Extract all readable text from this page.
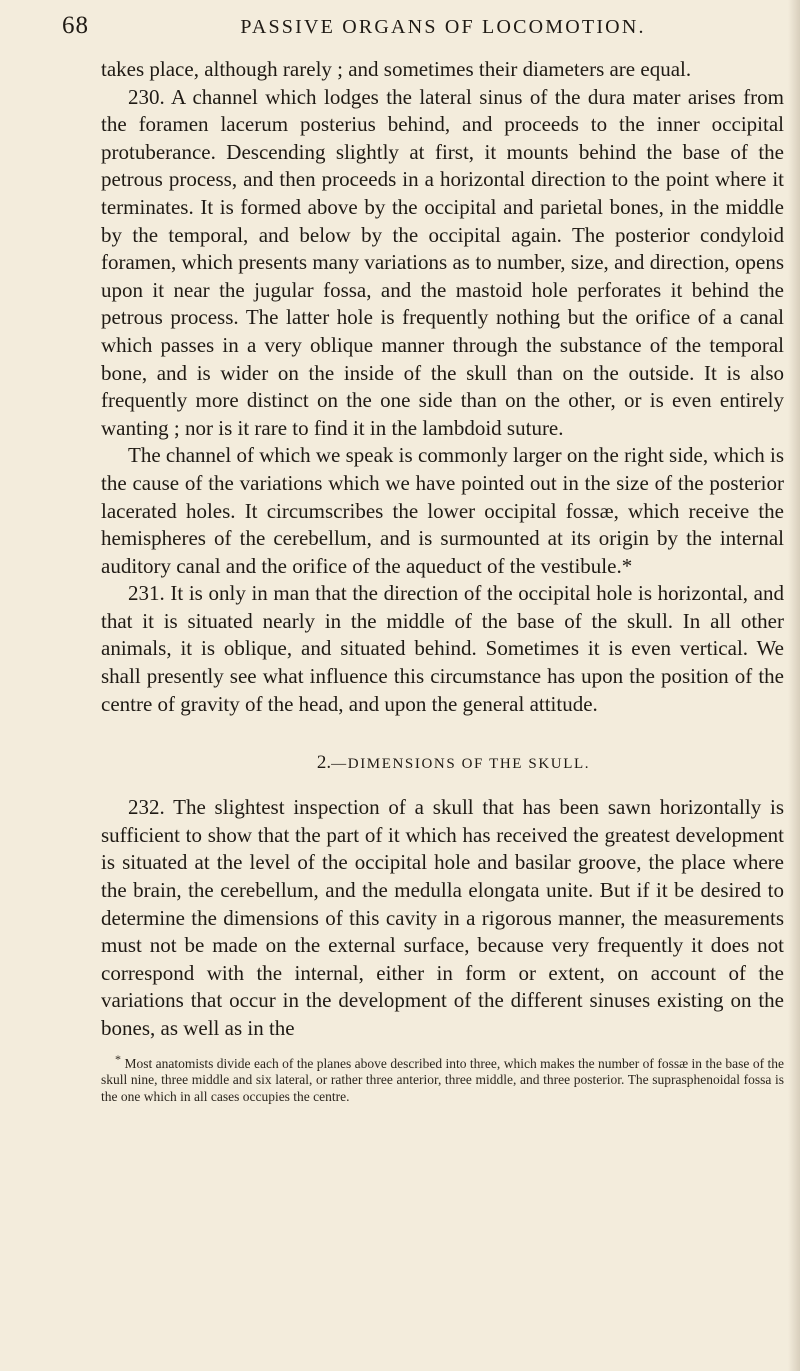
68	PASSIVE ORGANS OF LOCOMOTION.

takes place, although rarely ; and sometimes their diameters are equal.

230. A channel which lodges the lateral sinus of the dura mater arises from the foramen lacerum posterius behind, and proceeds to the inner occipital protuberance. Descending slightly at first, it mounts behind the base of the petrous process, and then proceeds in a horizontal direction to the point where it terminates. It is formed above by the occipital and parietal bones, in the middle by the temporal, and below by the occipital again. The posterior condyloid foramen, which presents many variations as to number, size, and direction, opens upon it near the jugular fossa, and the mastoid hole perforates it behind the petrous process. The latter hole is frequently nothing but the orifice of a canal which passes in a very oblique manner through the substance of the temporal bone, and is wider on the inside of the skull than on the outside. It is also frequently more distinct on the one side than on the other, or is even entirely wanting ; nor is it rare to find it in the lambdoid suture.

The channel of which we speak is commonly larger on the right side, which is the cause of the variations which we have pointed out in the size of the posterior lacerated holes. It circumscribes the lower occipital fossæ, which receive the hemispheres of the cerebellum, and is surmounted at its origin by the internal auditory canal and the orifice of the aqueduct of the vestibule.*

231. It is only in man that the direction of the occipital hole is horizontal, and that it is situated nearly in the middle of the base of the skull. In all other animals, it is oblique, and situated behind. Sometimes it is even vertical. We shall presently see what influence this circumstance has upon the position of the centre of gravity of the head, and upon the general attitude.

2.—DIMENSIONS OF THE SKULL.

232. The slightest inspection of a skull that has been sawn horizontally is sufficient to show that the part of it which has received the greatest development is situated at the level of the occipital hole and basilar groove, the place where the brain, the cerebellum, and the medulla elongata unite. But if it be desired to determine the dimensions of this cavity in a rigorous manner, the measurements must not be made on the external surface, because very frequently it does not correspond with the internal, either in form or extent, on account of the variations that occur in the development of the different sinuses existing on the bones, as well as in the

* Most anatomists divide each of the planes above described into three, which makes the number of fossæ in the base of the skull nine, three middle and six lateral, or rather three anterior, three middle, and three posterior. The suprasphenoidal fossa is the one which in all cases occupies the centre.
